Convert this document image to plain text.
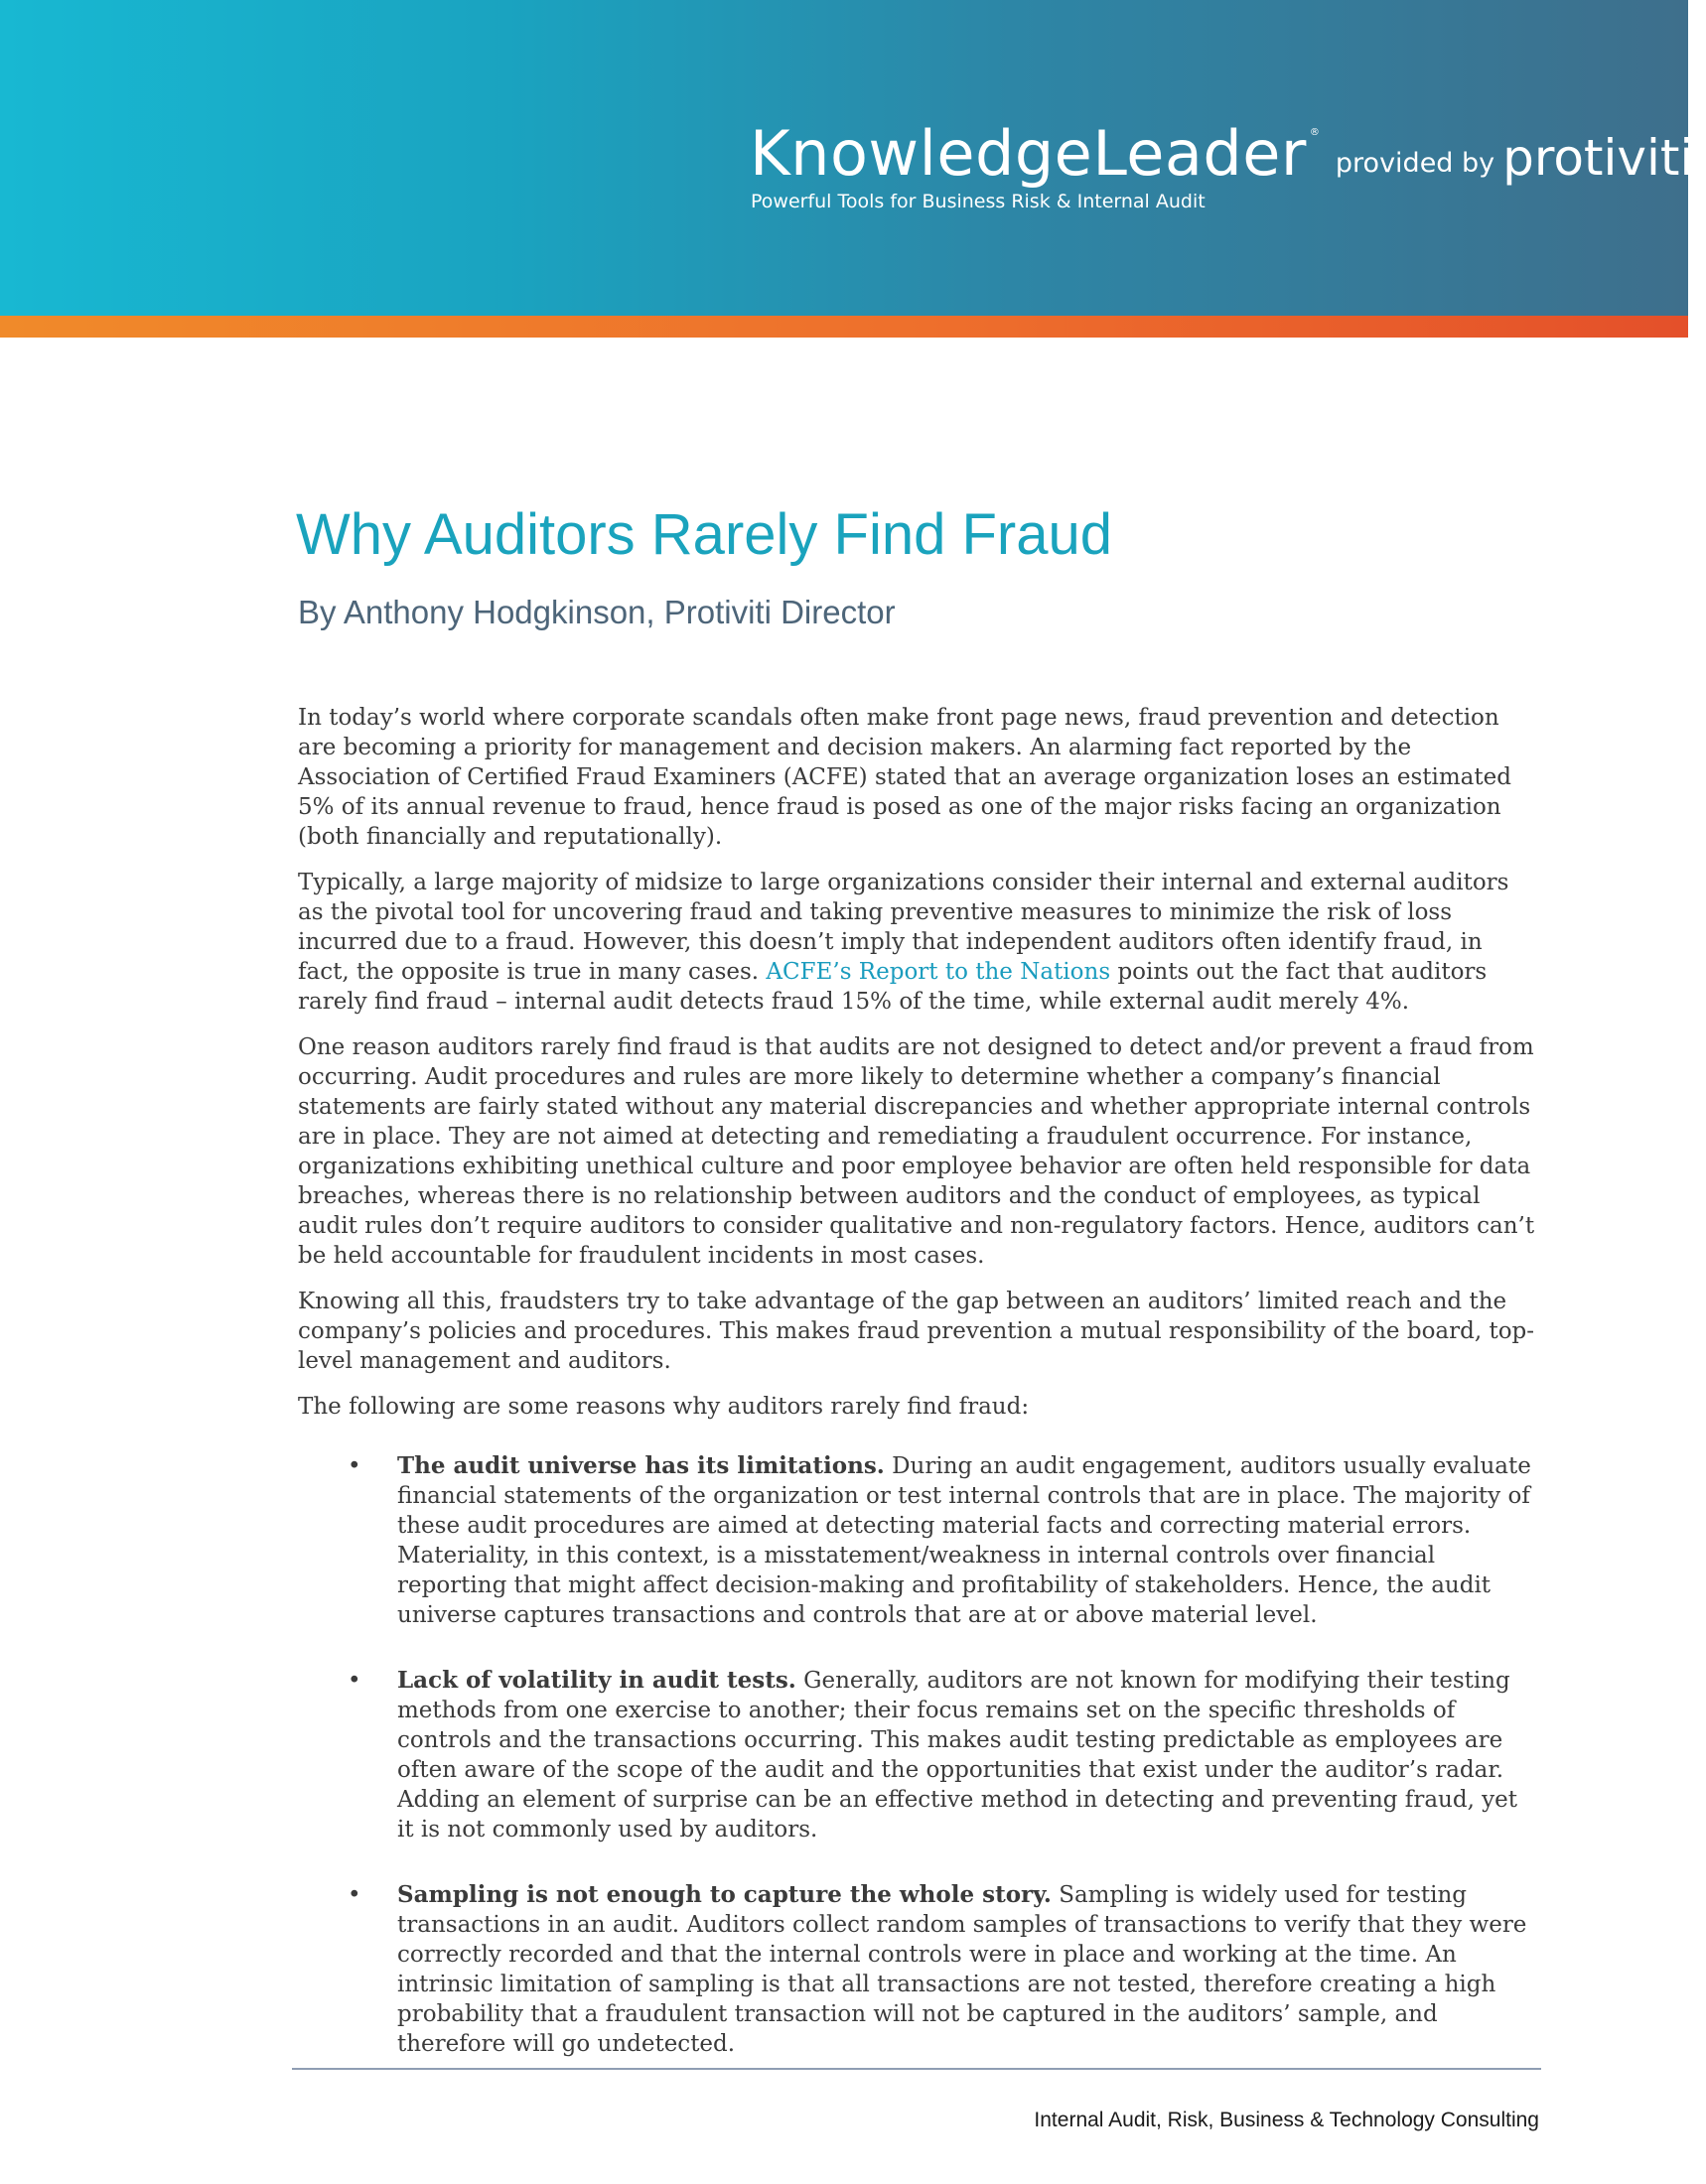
KnowledgeLeader ®provided by protiviti ®
Powerful Tools for Business Risk & Internal Audit
Why Auditors Rarely Find Fraud
By Anthony Hodgkinson, Protiviti Director

In today’s world where corporate scandals often make front page news, fraud prevention and detection are becoming a priority for management and decision makers. An alarming fact reported by the Association of Certified Fraud Examiners (ACFE) stated that an average organization loses an estimated 5% of its annual revenue to fraud, hence fraud is posed as one of the major risks facing an organization (both financially and reputationally).

Typically, a large majority of midsize to large organizations consider their internal and external auditors as the pivotal tool for uncovering fraud and taking preventive measures to minimize the risk of loss incurred due to a fraud. However, this doesn’t imply that independent auditors often identify fraud, in fact, the opposite is true in many cases. ACFE’s Report to the Nations points out the fact that auditors rarely find fraud – internal audit detects fraud 15% of the time, while external audit merely 4%.

One reason auditors rarely find fraud is that audits are not designed to detect and/or prevent a fraud from occurring. Audit procedures and rules are more likely to determine whether a company’s financial statements are fairly stated without any material discrepancies and whether appropriate internal controls are in place. They are not aimed at detecting and remediating a fraudulent occurrence. For instance, organizations exhibiting unethical culture and poor employee behavior are often held responsible for data breaches, whereas there is no relationship between auditors and the conduct of employees, as typical audit rules don’t require auditors to consider qualitative and non-regulatory factors. Hence, auditors can’t be held accountable for fraudulent incidents in most cases.

Knowing all this, fraudsters try to take advantage of the gap between an auditors’ limited reach and the company’s policies and procedures. This makes fraud prevention a mutual responsibility of the board, top-level management and auditors.

The following are some reasons why auditors rarely find fraud:

• The audit universe has its limitations. During an audit engagement, auditors usually evaluate financial statements of the organization or test internal controls that are in place. The majority of these audit procedures are aimed at detecting material facts and correcting material errors. Materiality, in this context, is a misstatement/weakness in internal controls over financial reporting that might affect decision-making and profitability of stakeholders. Hence, the audit universe captures transactions and controls that are at or above material level.
• Lack of volatility in audit tests. Generally, auditors are not known for modifying their testing methods from one exercise to another; their focus remains set on the specific thresholds of controls and the transactions occurring. This makes audit testing predictable as employees are often aware of the scope of the audit and the opportunities that exist under the auditor’s radar. Adding an element of surprise can be an effective method in detecting and preventing fraud, yet it is not commonly used by auditors.
• Sampling is not enough to capture the whole story. Sampling is widely used for testing transactions in an audit. Auditors collect random samples of transactions to verify that they were correctly recorded and that the internal controls were in place and working at the time. An intrinsic limitation of sampling is that all transactions are not tested, therefore creating a high probability that a fraudulent transaction will not be captured in the auditors’ sample, and therefore will go undetected.
Internal Audit, Risk, Business & Technology Consulting
